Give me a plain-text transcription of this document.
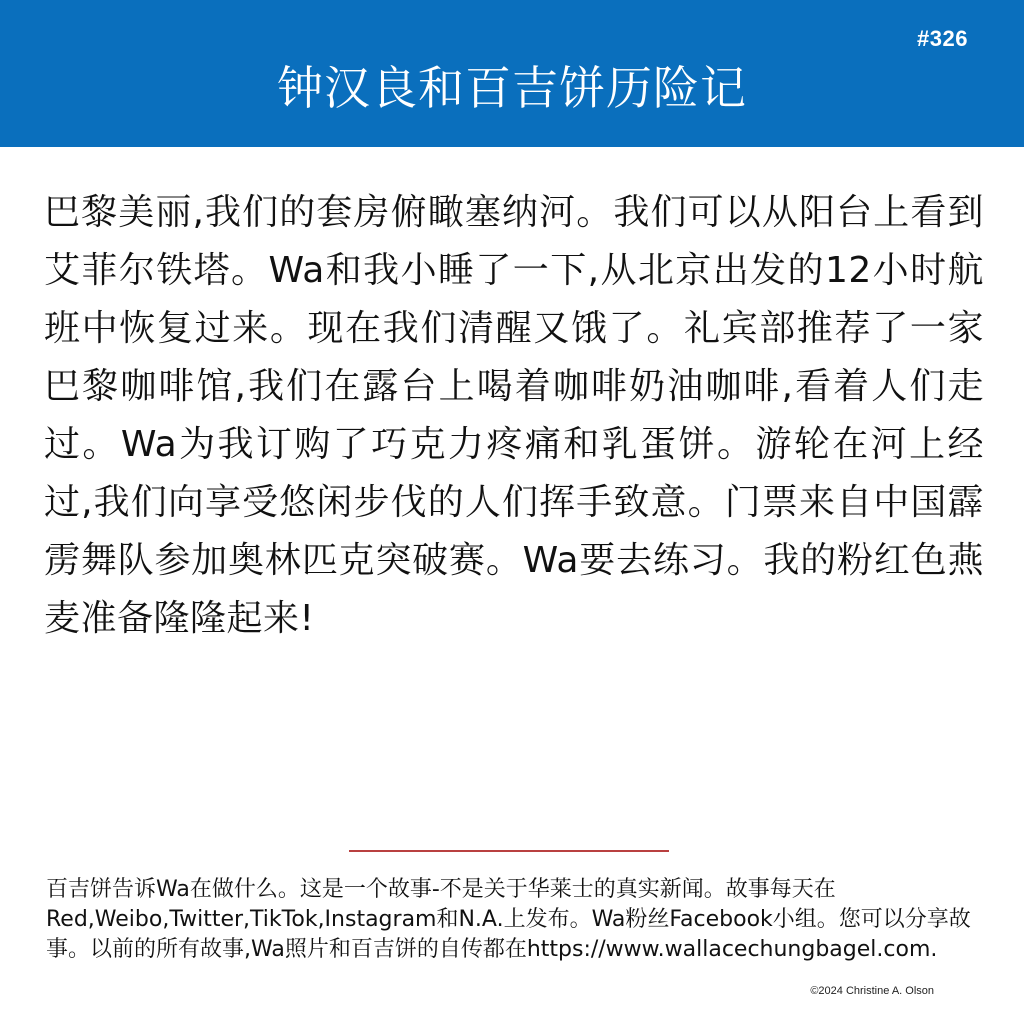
#326
钟汉良和百吉饼历险记
巴黎美丽,我们的套房俯瞰塞纳河。我们可以从阳台上看到艾菲尔铁塔。Wa和我小睡了一下,从北京出发的12小时航班中恢复过来。现在我们清醒又饿了。礼宾部推荐了一家巴黎咖啡馆,我们在露台上喝着咖啡奶油咖啡,看着人们走过。Wa为我订购了巧克力疼痛和乳蛋饼。游轮在河上经过,我们向享受悠闲步伐的人们挥手致意。门票来自中国霹雳舞队参加奥林匹克突破赛。Wa要去练习。我的粉红色燕麦准备隆隆起来!
百吉饼告诉Wa在做什么。这是一个故事-不是关于华莱士的真实新闻。故事每天在Red,Weibo,Twitter,TikTok,Instagram和N.A.上发布。Wa粉丝Facebook小组。您可以分享故事。以前的所有故事,Wa照片和百吉饼的自传都在https://www.wallacechungbagel.com.
©2024 Christine A. Olson
